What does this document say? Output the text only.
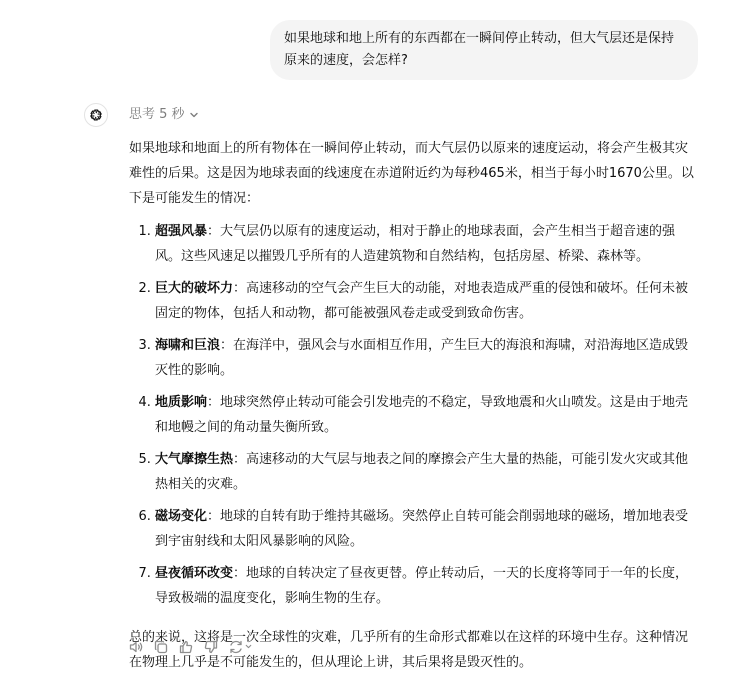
如果地球和地上所有的东西都在一瞬间停止转动，但大气层还是保持原来的速度，会怎样?
思考 5 秒

如果地球和地面上的所有物体在一瞬间停止转动，而大气层仍以原来的速度运动，将会产生极其灾难性的后果。这是因为地球表面的线速度在赤道附近约为每秒465米，相当于每小时1670公里。以下是可能发生的情况：

1. 超强风暴：大气层仍以原有的速度运动，相对于静止的地球表面，会产生相当于超音速的强风。这些风速足以摧毁几乎所有的人造建筑物和自然结构，包括房屋、桥梁、森林等。
2. 巨大的破坏力：高速移动的空气会产生巨大的动能，对地表造成严重的侵蚀和破坏。任何未被固定的物体，包括人和动物，都可能被强风卷走或受到致命伤害。
3. 海啸和巨浪：在海洋中，强风会与水面相互作用，产生巨大的海浪和海啸，对沿海地区造成毁灭性的影响。
4. 地质影响：地球突然停止转动可能会引发地壳的不稳定，导致地震和火山喷发。这是由于地壳和地幔之间的角动量失衡所致。
5. 大气摩擦生热：高速移动的大气层与地表之间的摩擦会产生大量的热能，可能引发火灾或其他热相关的灾难。
6. 磁场变化：地球的自转有助于维持其磁场。突然停止自转可能会削弱地球的磁场，增加地表受到宇宙射线和太阳风暴影响的风险。
7. 昼夜循环改变：地球的自转决定了昼夜更替。停止转动后，一天的长度将等同于一年的长度，导致极端的温度变化，影响生物的生存。

总的来说，这将是一次全球性的灾难，几乎所有的生命形式都难以在这样的环境中生存。这种情况在物理上几乎是不可能发生的，但从理论上讲，其后果将是毁灭性的。
